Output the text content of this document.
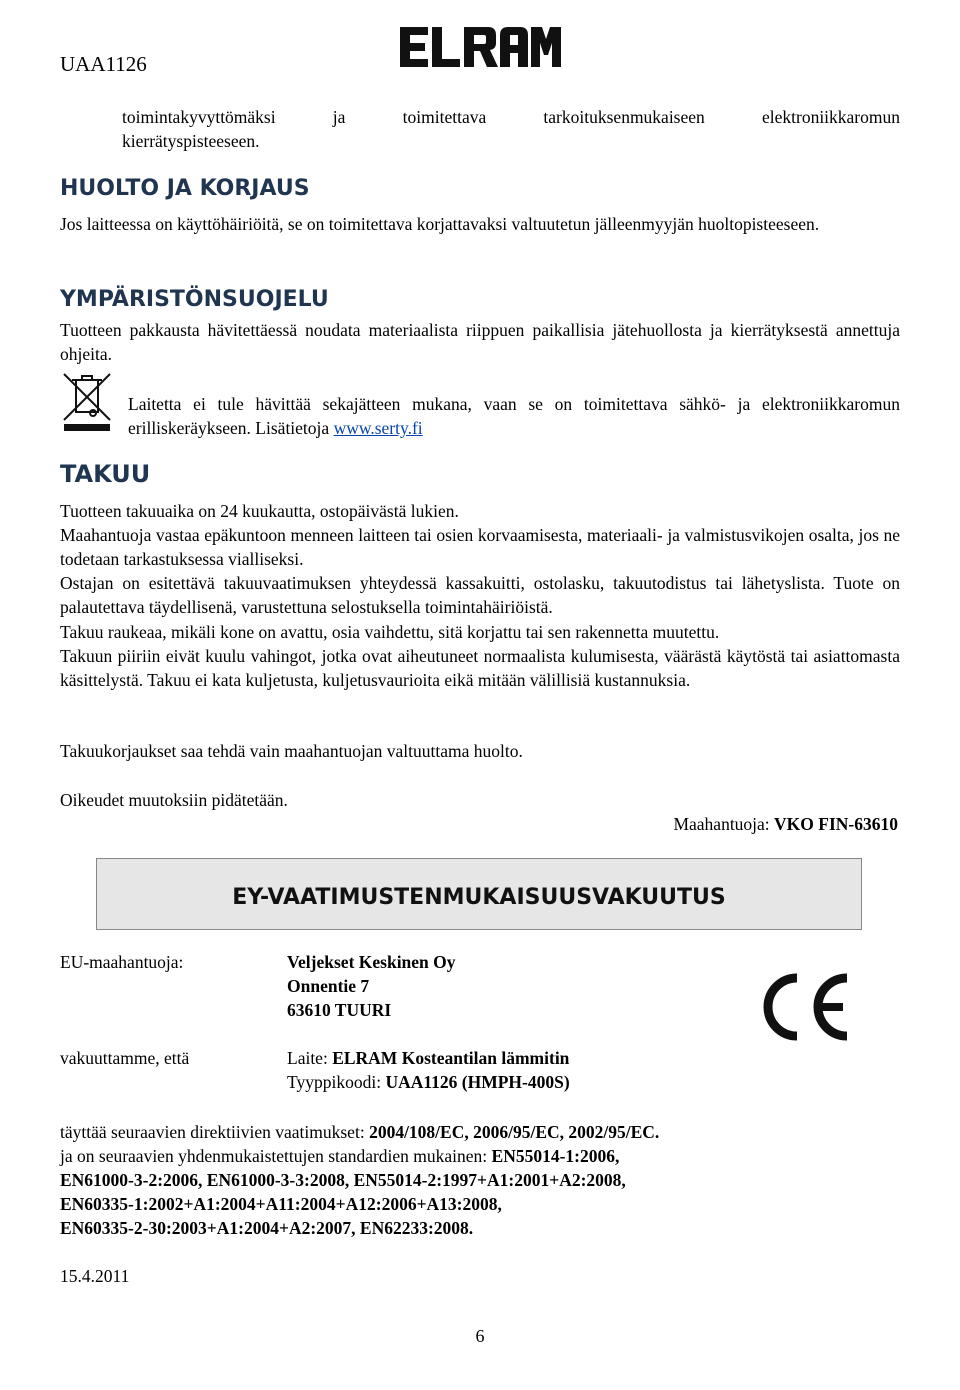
UAA1126

toimintakyvyttömäksi ja toimitettava tarkoituksenmukaiseen elektroniikkaromun

kierrätyspisteeseen.

HUOLTO JA KORJAUS

Jos laitteessa on käyttöhäiriöitä, se on toimitettava korjattavaksi valtuutetun jälleenmyyjän huoltopisteeseen.

YMPÄRISTÖNSUOJELU

Tuotteen pakkausta hävitettäessä noudata materiaalista riippuen paikallisia jätehuollosta ja kierrätyksestä annettuja ohjeita.

Laitetta ei tule hävittää sekajätteen mukana, vaan se on toimitettava sähkö- ja elektroniikkaromun erilliskeräykseen. Lisätietoja www.serty.fi

TAKUU

Tuotteen takuuaika on 24 kuukautta, ostopäivästä lukien.

Maahantuoja vastaa epäkuntoon menneen laitteen tai osien korvaamisesta, materiaali- ja valmistusvikojen osalta, jos ne todetaan tarkastuksessa vialliseksi.

Ostajan on esitettävä takuuvaatimuksen yhteydessä kassakuitti, ostolasku, takuutodistus tai lähetyslista. Tuote on palautettava täydellisenä, varustettuna selostuksella toimintahäiriöistä.

Takuu raukeaa, mikäli kone on avattu, osia vaihdettu, sitä korjattu tai sen rakennetta muutettu.

Takuun piiriin eivät kuulu vahingot, jotka ovat aiheutuneet normaalista kulumisesta, väärästä käytöstä tai asiattomasta käsittelystä. Takuu ei kata kuljetusta, kuljetusvaurioita eikä mitään välillisiä kustannuksia.

Takuukorjaukset saa tehdä vain maahantuojan valtuuttama huolto.

Oikeudet muutoksiin pidätetään.

Maahantuoja: VKO FIN-63610
EY-VAATIMUSTENMUKAISUUSVAKUUTUS
EU-maahantuoja:	Veljekset Keskinen Oy
Onnentie 7
63610 TUURI
vakuuttamme, että	Laite: ELRAM Kosteantilan lämmitin
Tyyppikoodi: UAA1126 (HMPH-400S)
täyttää seuraavien direktiivien vaatimukset: 2004/108/EC, 2006/95/EC, 2002/95/EC.
ja on seuraavien yhdenmukaistettujen standardien mukainen: EN55014-1:2006,
EN61000-3-2:2006, EN61000-3-3:2008, EN55014-2:1997+A1:2001+A2:2008,
EN60335-1:2002+A1:2004+A11:2004+A12:2006+A13:2008,
EN60335-2-30:2003+A1:2004+A2:2007, EN62233:2008.
15.4.2011
6
